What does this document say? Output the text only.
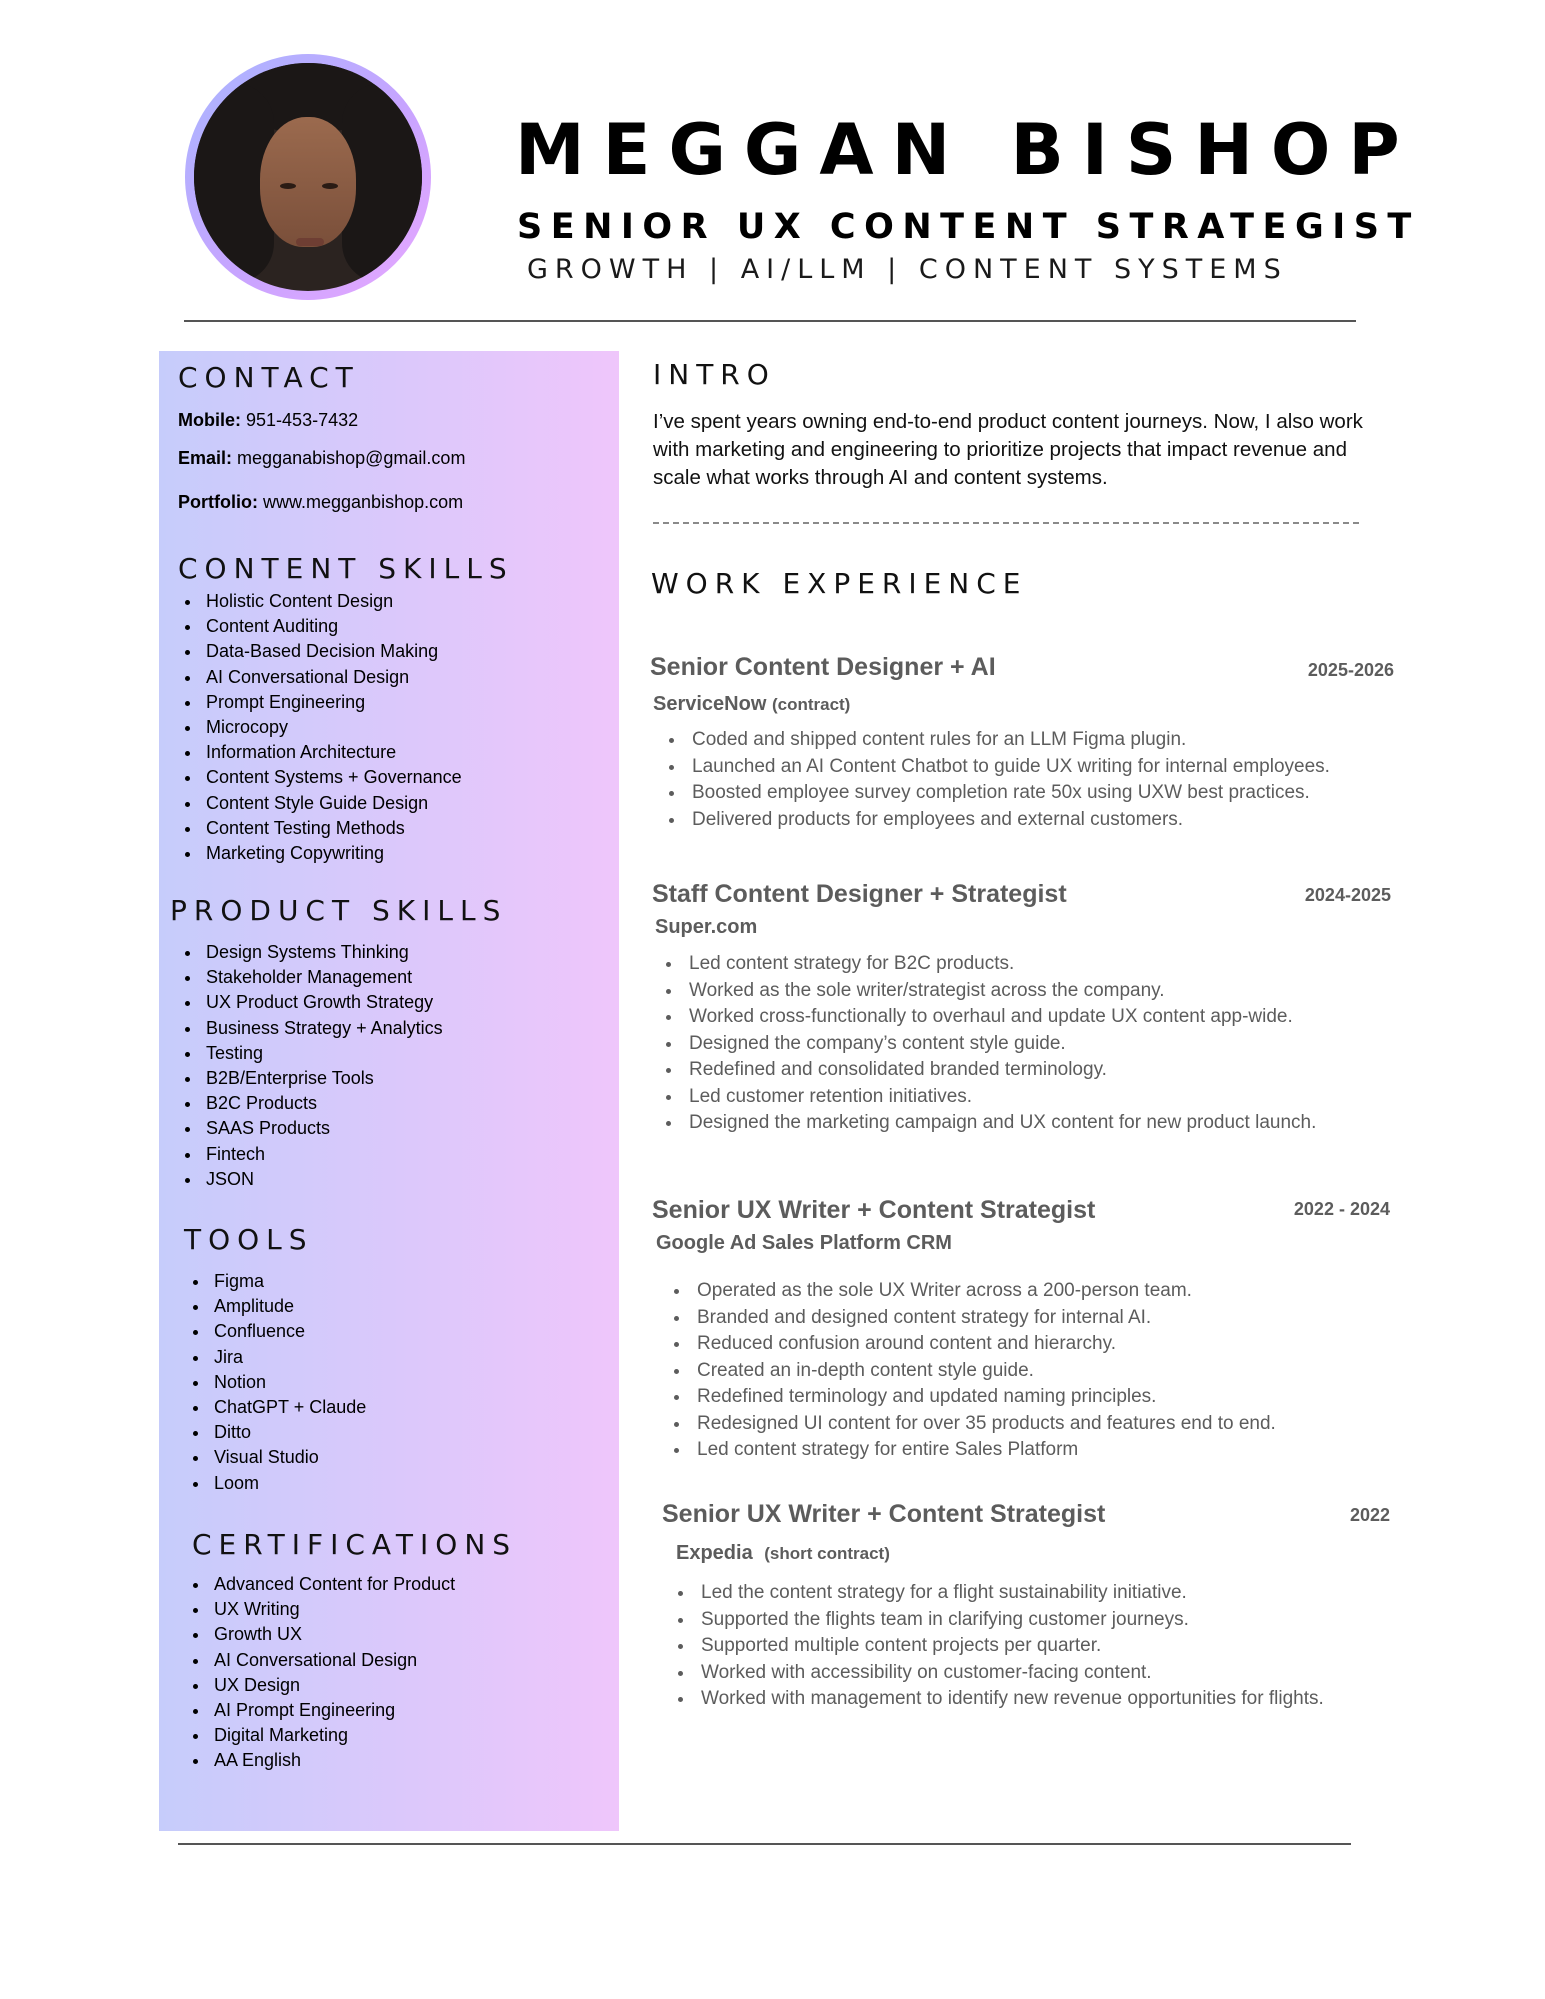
MEGGAN BISHOP
SENIOR UX CONTENT STRATEGIST
GROWTH | AI/LLM | CONTENT SYSTEMS
CONTACT
Mobile: 951-453-7432
Email: megganabishop@gmail.com
Portfolio: www.megganbishop.com
CONTENT SKILLS
• Holistic Content Design
• Content Auditing
• Data-Based Decision Making
• AI Conversational Design
• Prompt Engineering
• Microcopy
• Information Architecture
• Content Systems + Governance
• Content Style Guide Design
• Content Testing Methods
• Marketing Copywriting
PRODUCT SKILLS
• Design Systems Thinking
• Stakeholder Management
• UX Product Growth Strategy
• Business Strategy + Analytics
• Testing
• B2B/Enterprise Tools
• B2C Products
• SAAS Products
• Fintech
• JSON
TOOLS
• Figma
• Amplitude
• Confluence
• Jira
• Notion
• ChatGPT + Claude
• Ditto
• Visual Studio
• Loom
CERTIFICATIONS
• Advanced Content for Product
• UX Writing
• Growth UX
• AI Conversational Design
• UX Design
• AI Prompt Engineering
• Digital Marketing
• AA English
INTRO
I’ve spent years owning end-to-end product content journeys. Now, I also work with marketing and engineering to prioritize projects that impact revenue and scale what works through AI and content systems.
WORK EXPERIENCE
Senior Content Designer + AI	2025-2026
ServiceNow (contract)
• Coded and shipped content rules for an LLM Figma plugin.
• Launched an AI Content Chatbot to guide UX writing for internal employees.
• Boosted employee survey completion rate 50x using UXW best practices.
• Delivered products for employees and external customers.
Staff Content Designer + Strategist	2024-2025
Super.com
• Led content strategy for B2C products.
• Worked as the sole writer/strategist across the company.
• Worked cross-functionally to overhaul and update UX content app-wide.
• Designed the company’s content style guide.
• Redefined and consolidated branded terminology.
• Led customer retention initiatives.
• Designed the marketing campaign and UX content for new product launch.
Senior UX Writer + Content Strategist	2022 - 2024
Google Ad Sales Platform CRM
• Operated as the sole UX Writer across a 200-person team.
• Branded and designed content strategy for internal AI.
• Reduced confusion around content and hierarchy.
• Created an in-depth content style guide.
• Redefined terminology and updated naming principles.
• Redesigned UI content for over 35 products and features end to end.
• Led content strategy for entire Sales Platform
Senior UX Writer + Content Strategist	2022
Expedia (short contract)
• Led the content strategy for a flight sustainability initiative.
• Supported the flights team in clarifying customer journeys.
• Supported multiple content projects per quarter.
• Worked with accessibility on customer-facing content.
• Worked with management to identify new revenue opportunities for flights.
